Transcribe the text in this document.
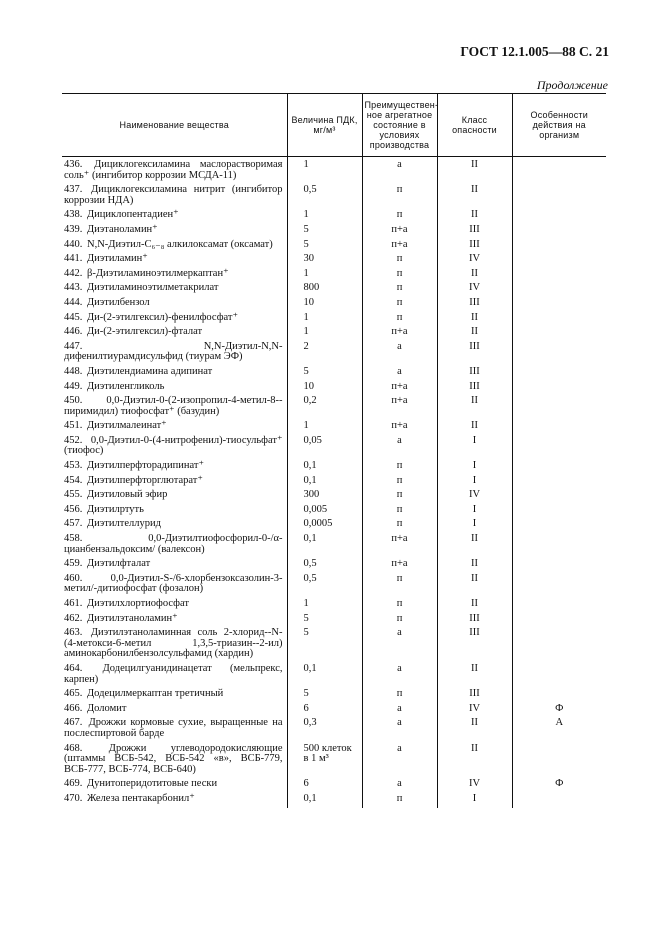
ГОСТ 12.1.005—88 С. 21
Продолжение
Наименование вещества	Величина ПДК, мг/м³	Преимущественное агрегатное состояние в условиях производства	Класс опасности	Особенности действия на организм
436. Дициклогексиламина маслорастворимая соль⁺ (ингибитор коррозии МСДА-11)	1	а	II	
437. Дициклогексиламина нитрит (ингибитор коррозии НДА)	0,5	п	II	
438. Дициклопентадиен⁺	1	п	II	
439. Диэтаноламин⁺	5	п+а	III	
440. N,N-Диэтил-C₆₋₈ алкилоксамат (оксамат)	5	п+а	III	
441. Диэтиламин⁺	30	п	IV	
442. β-Диэтиламиноэтилмеркаптан⁺	1	п	II	
443. Диэтиламиноэтилметакрилат	800	п	IV	
444. Диэтилбензол	10	п	III	
445. Ди-(2-этилгексил)-фенилфосфат⁺	1	п	II	
446. Ди-(2-этилгексил)-фталат	1	п+а	II	
447. N,N-Диэтил-N,N-дифенилтиурамдисульфид (тиурам ЭФ)	2	а	III	
448. Диэтилендиамина адипинат	5	а	III	
449. Диэтиленгликоль	10	п+а	III	
450. 0,0-Диэтил-0-(2-изопропил-4-метил-8--пиримидил) тиофосфат⁺ (базудин)	0,2	п+а	II	
451. Диэтилмалеинат⁺	1	п+а	II	
452. 0,0-Диэтил-0-(4-нитрофенил)-тиосульфат⁺ (тиофос)	0,05	а	I	
453. Диэтилперфторадипинат⁺	0,1	п	I	
454. Диэтилперфторглютарат⁺	0,1	п	I	
455. Диэтиловый эфир	300	п	IV	
456. Диэтилртуть	0,005	п	I	
457. Диэтилтеллурид	0,0005	п	I	
458. 0,0-Диэтилтиофосфорил-0-/α-цианбензальдоксим/ (валексон)	0,1	п+а	II	
459. Диэтилфталат	0,5	п+а	II	
460. 0,0-Диэтил-S-/6-хлорбензоксазолин-3-метил/-дитиофосфат (фозалон)	0,5	п	II	
461. Диэтилхлортиофосфат	1	п	II	
462. Диэтилэтаноламин⁺	5	п	III	
463. Диэтилэтаноламинная соль 2-хлорид--N-(4-метокси-6-метил 1,3,5-триазин--2-ил) аминокарбонилбензолсульфамид (хардин)	5	а	III	
464. Додецилгуанидинацетат (мельпрекс, карпен)	0,1	а	II	
465. Додецилмеркаптан третичный	5	п	III	
466. Доломит	6	а	IV	Ф
467. Дрожжи кормовые сухие, выращенные на послеспиртовой барде	0,3	а	II	А
468. Дрожжи углеводородокисляющие (штаммы ВСБ-542, ВСБ-542 «в», ВСБ-779, ВСБ-777, ВСБ-774, ВСБ-640)	500 клеток в 1 м³	а	II	
469. Дунитоперидотитовые пески	6	а	IV	Ф
470. Железа пентакарбонил⁺	0,1	п	I	
